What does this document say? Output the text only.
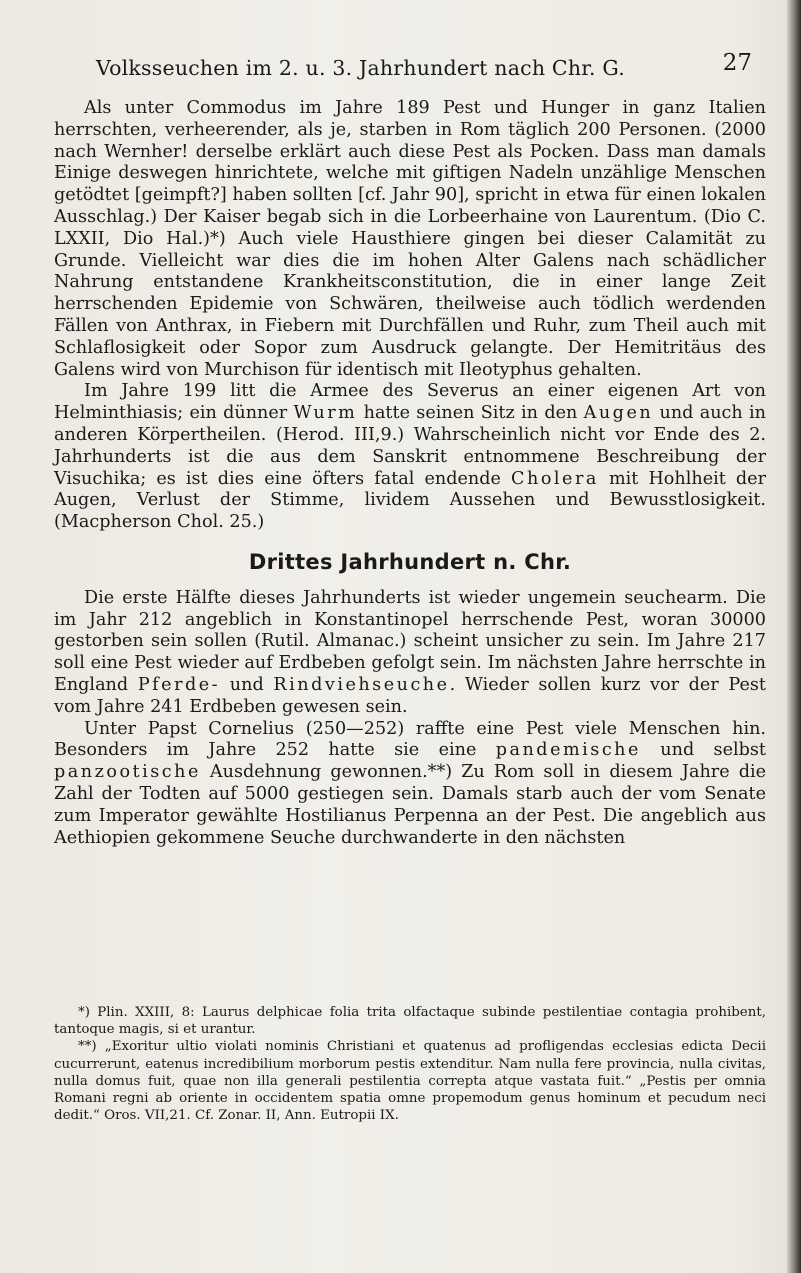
Volksseuchen im 2. u. 3. Jahrhundert nach Chr. G.	27

Als unter Commodus im Jahre 189 Pest und Hunger in ganz Italien herrschten, verheerender, als je, starben in Rom täglich 200 Personen. (2000 nach Wernher! derselbe erklärt auch diese Pest als Pocken. Dass man damals Einige deswegen hinrichtete, welche mit giftigen Nadeln unzählige Menschen getödtet [geimpft?] haben sollten [cf. Jahr 90], spricht in etwa für einen lokalen Ausschlag.) Der Kaiser begab sich in die Lorbeerhaine von Laurentum. (Dio C. LXXII, Dio Hal.)*) Auch viele Hausthiere gingen bei dieser Calamität zu Grunde. Vielleicht war dies die im hohen Alter Galens nach schädlicher Nahrung entstandene Krankheitsconstitution, die in einer lange Zeit herrschenden Epidemie von Schwären, theilweise auch tödlich werdenden Fällen von Anthrax, in Fiebern mit Durchfällen und Ruhr, zum Theil auch mit Schlaflosigkeit oder Sopor zum Ausdruck gelangte. Der Hemitritäus des Galens wird von Murchison für identisch mit Ileotyphus gehalten.

Im Jahre 199 litt die Armee des Severus an einer eigenen Art von Helminthiasis; ein dünner Wurm hatte seinen Sitz in den Augen und auch in anderen Körpertheilen. (Herod. III,9.) Wahrscheinlich nicht vor Ende des 2. Jahrhunderts ist die aus dem Sanskrit entnommene Beschreibung der Visuchika; es ist dies eine öfters fatal endende Cholera mit Hohlheit der Augen, Verlust der Stimme, lividem Aussehen und Bewusstlosigkeit. (Macpherson Chol. 25.)

Drittes Jahrhundert n. Chr.

Die erste Hälfte dieses Jahrhunderts ist wieder ungemein seuchearm. Die im Jahr 212 angeblich in Konstantinopel herrschende Pest, woran 30000 gestorben sein sollen (Rutil. Almanac.) scheint unsicher zu sein. Im Jahre 217 soll eine Pest wieder auf Erdbeben gefolgt sein. Im nächsten Jahre herrschte in England Pferde- und Rindviehseuche. Wieder sollen kurz vor der Pest vom Jahre 241 Erdbeben gewesen sein.

Unter Papst Cornelius (250—252) raffte eine Pest viele Menschen hin. Besonders im Jahre 252 hatte sie eine pandemische und selbst panzootische Ausdehnung gewonnen.**) Zu Rom soll in diesem Jahre die Zahl der Todten auf 5000 gestiegen sein. Damals starb auch der vom Senate zum Imperator gewählte Hostilianus Perpenna an der Pest. Die angeblich aus Aethiopien gekommene Seuche durchwanderte in den nächsten

*) Plin. XXIII, 8: Laurus delphicae folia trita olfactaque subinde pestilentiae contagia prohibent, tantoque magis, si et urantur.

**) „Exoritur ultio violati nominis Christiani et quatenus ad profligendas ecclesias edicta Decii cucurrerunt, eatenus incredibilium morborum pestis extenditur. Nam nulla fere provincia, nulla civitas, nulla domus fuit, quae non illa generali pestilentia correpta atque vastata fuit.“ „Pestis per omnia Romani regni ab oriente in occidentem spatia omne propemodum genus hominum et pecudum neci dedit.“ Oros. VII,21. Cf. Zonar. II, Ann. Eutropii IX.
